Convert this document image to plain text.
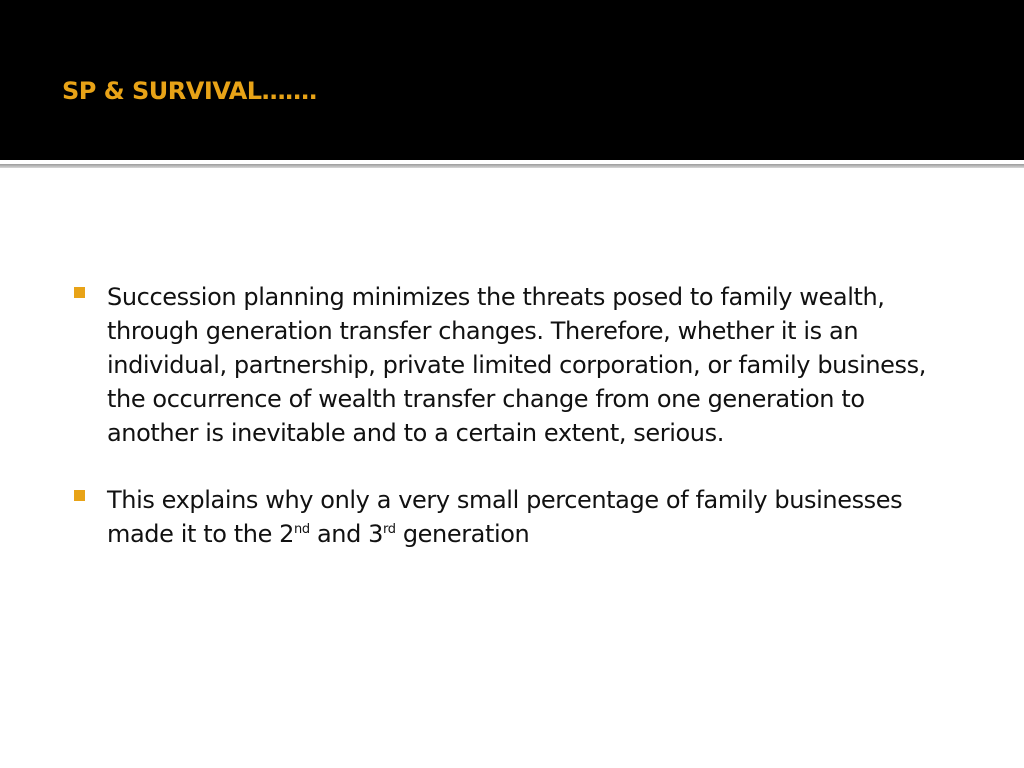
SP & SURVIVAL…….

Succession planning minimizes the threats posed to family wealth, through generation transfer changes. Therefore, whether it is an individual, partnership, private limited corporation, or family business, the occurrence of wealth transfer change from one generation to another is inevitable and to a certain extent, serious.

This explains why only a very small percentage of family businesses made it to the 2nd and 3rd generation
